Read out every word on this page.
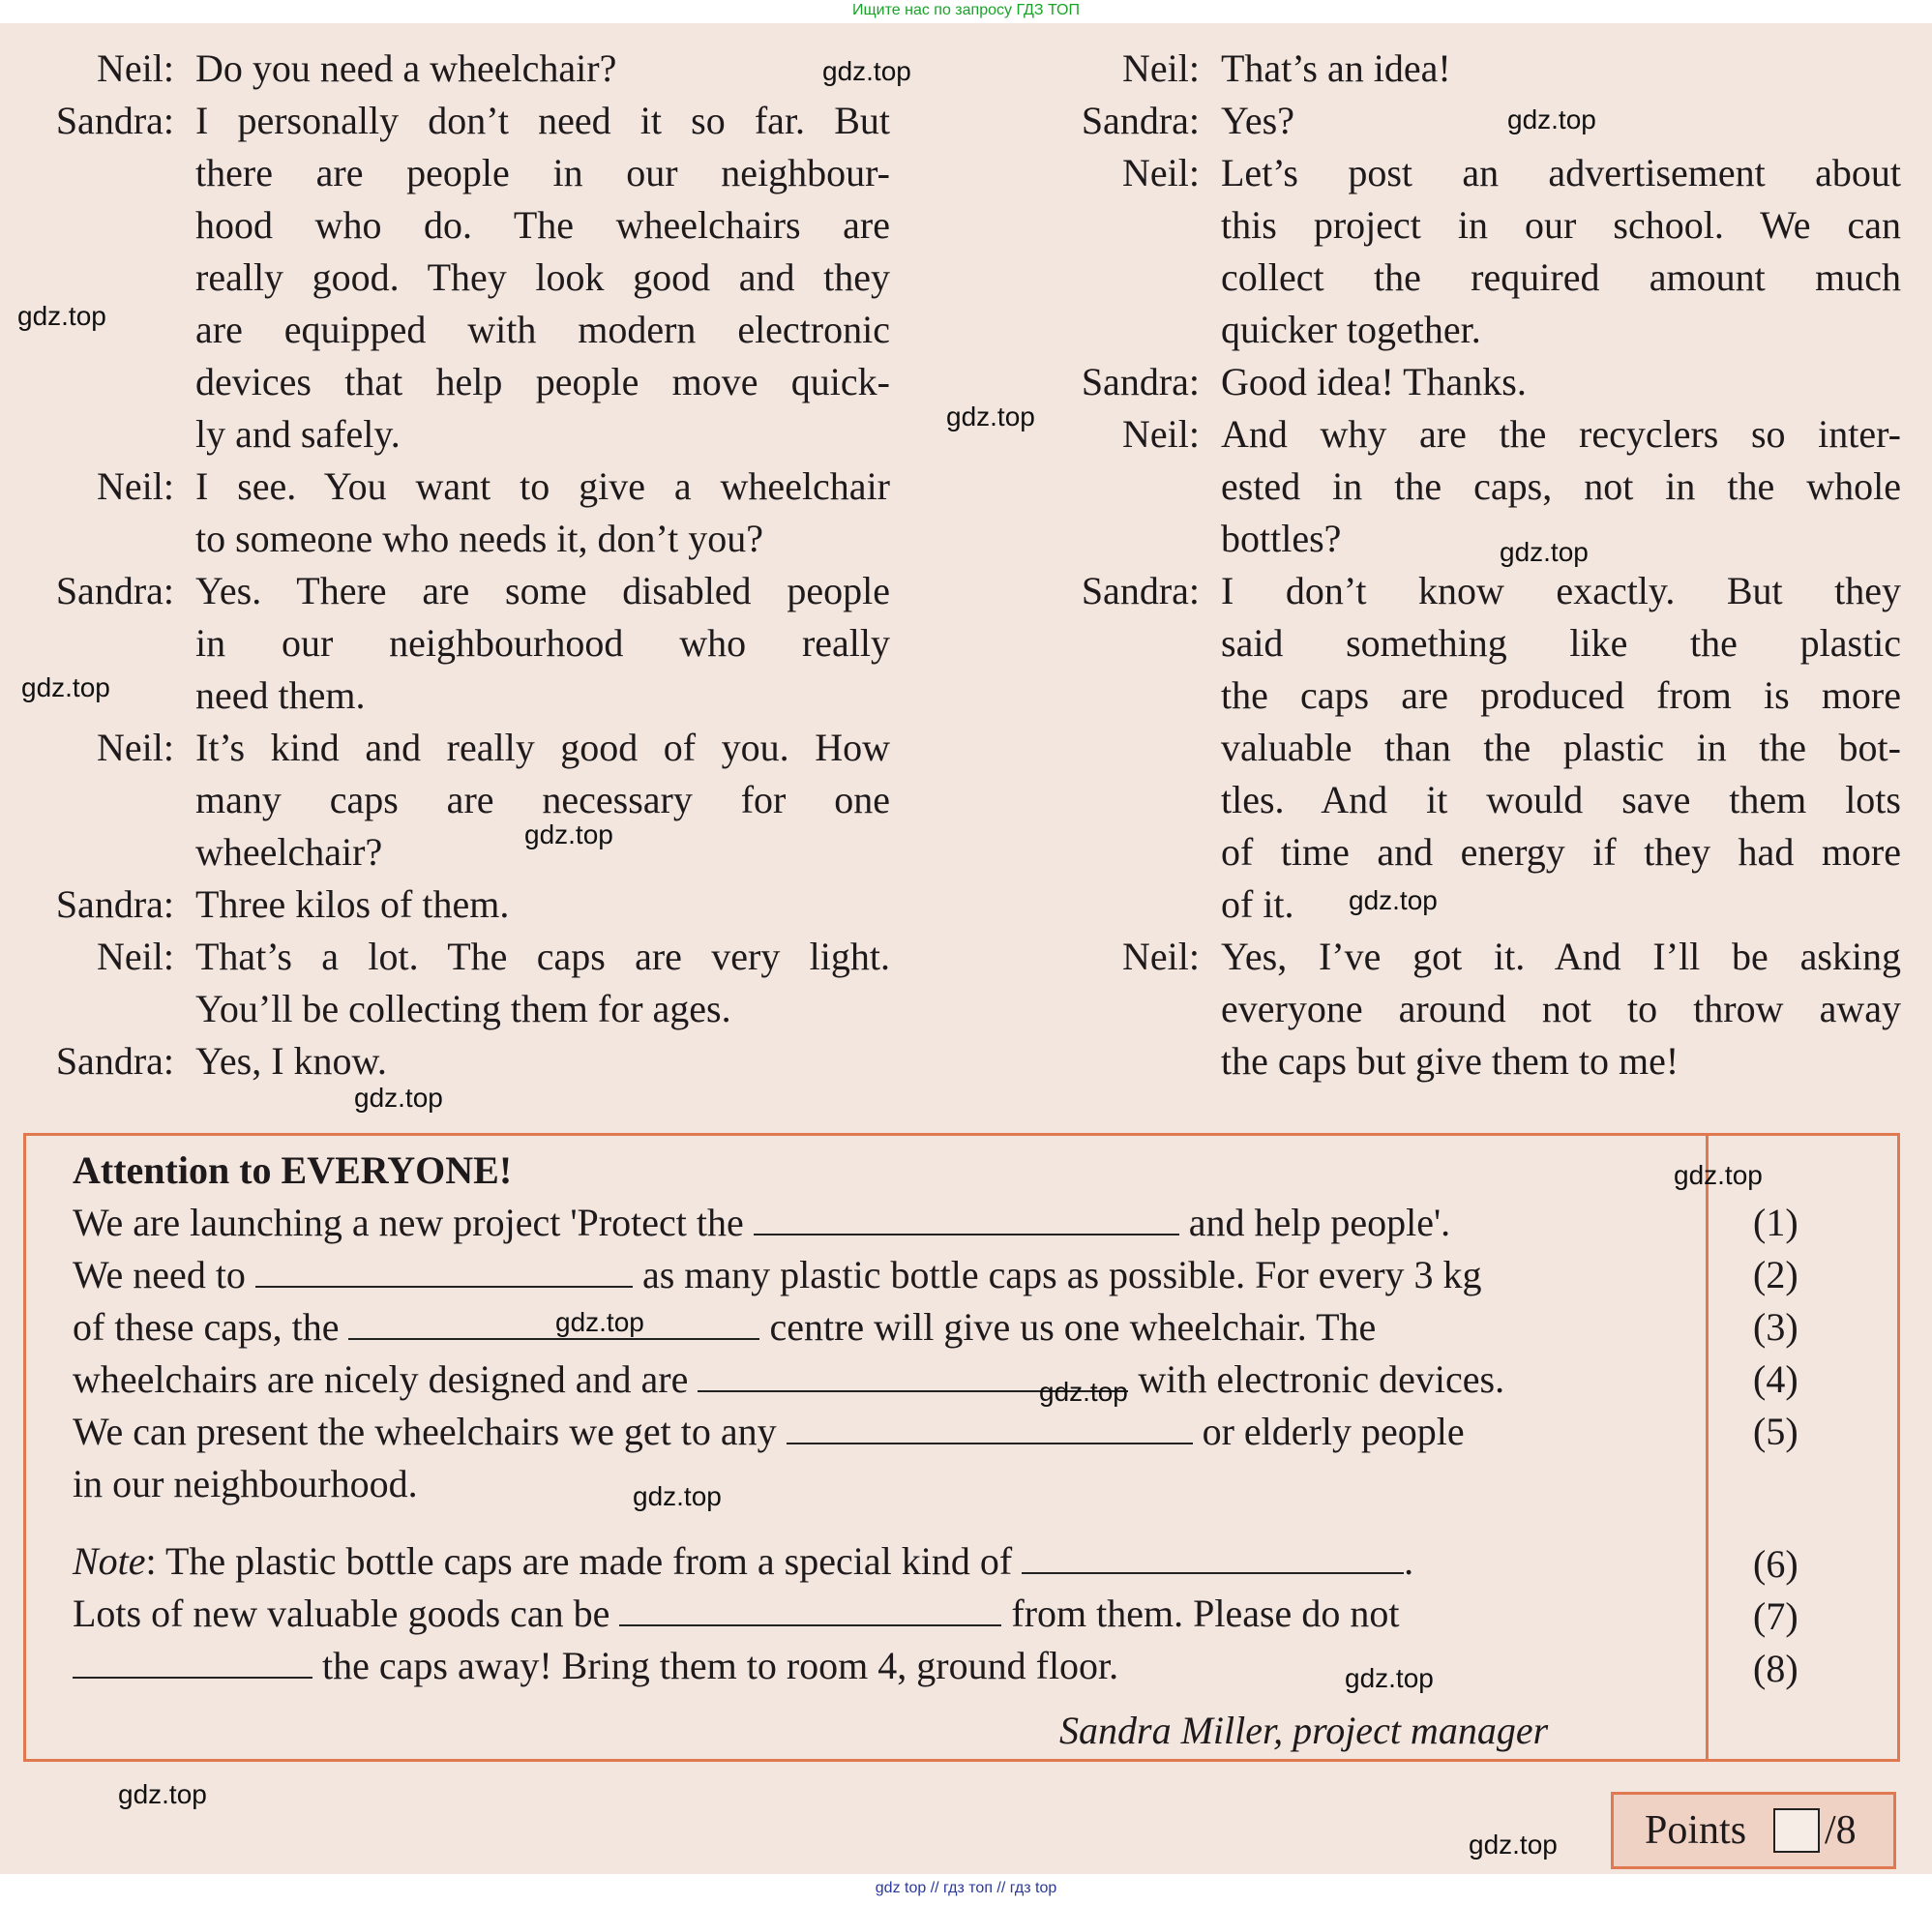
Ищите нас по запросу ГДЗ ТОП
Neil: Do you need a wheelchair?
Sandra: I personally don’t need it so far. But
there are people in our neighbour-
hood who do. The wheelchairs are
really good. They look good and they
are equipped with modern electronic
devices that help people move quick-
ly and safely.
Neil: I see. You want to give a wheelchair
to someone who needs it, don’t you?
Sandra: Yes. There are some disabled people
in our neighbourhood who really
need them.
Neil: It’s kind and really good of you. How
many caps are necessary for one
wheelchair?
Sandra: Three kilos of them.
Neil: That’s a lot. The caps are very light.
You’ll be collecting them for ages.
Sandra: Yes, I know.
Neil: That’s an idea!
Sandra: Yes?
Neil: Let’s post an advertisement about
this project in our school. We can
collect the required amount much
quicker together.
Sandra: Good idea! Thanks.
Neil: And why are the recyclers so inter-
ested in the caps, not in the whole
bottles?
Sandra: I don’t know exactly. But they
said something like the plastic
the caps are produced from is more
valuable than the plastic in the bot-
tles. And it would save them lots
of time and energy if they had more
of it.
Neil: Yes, I’ve got it. And I’ll be asking
everyone around not to throw away
the caps but give them to me!
Attention to EVERYONE!
We are launching a new project 'Protect the	and help people'.
We need to	as many plastic bottle caps as possible. For every 3 kg
of these caps, the	centre will give us one wheelchair. The
wheelchairs are nicely designed and are	with electronic devices.
We can present the wheelchairs we get to any	or elderly people
in our neighbourhood.
Note: The plastic bottle caps are made from a special kind of	.
Lots of new valuable goods can be	from them. Please do not
the caps away! Bring them to room 4, ground floor.
Sandra Miller, project manager
(1)
(2)
(3)
(4)
(5)
(6)
(7)
(8)
Points /8
gdz.top
gdz.top
gdz.top
gdz.top
gdz.top
gdz.top
gdz.top
gdz.top
gdz.top
gdz.top
gdz.top
gdz.top
gdz.top
gdz.top
gdz.top
gdz.top
gdz top // гдз топ // гдз top
